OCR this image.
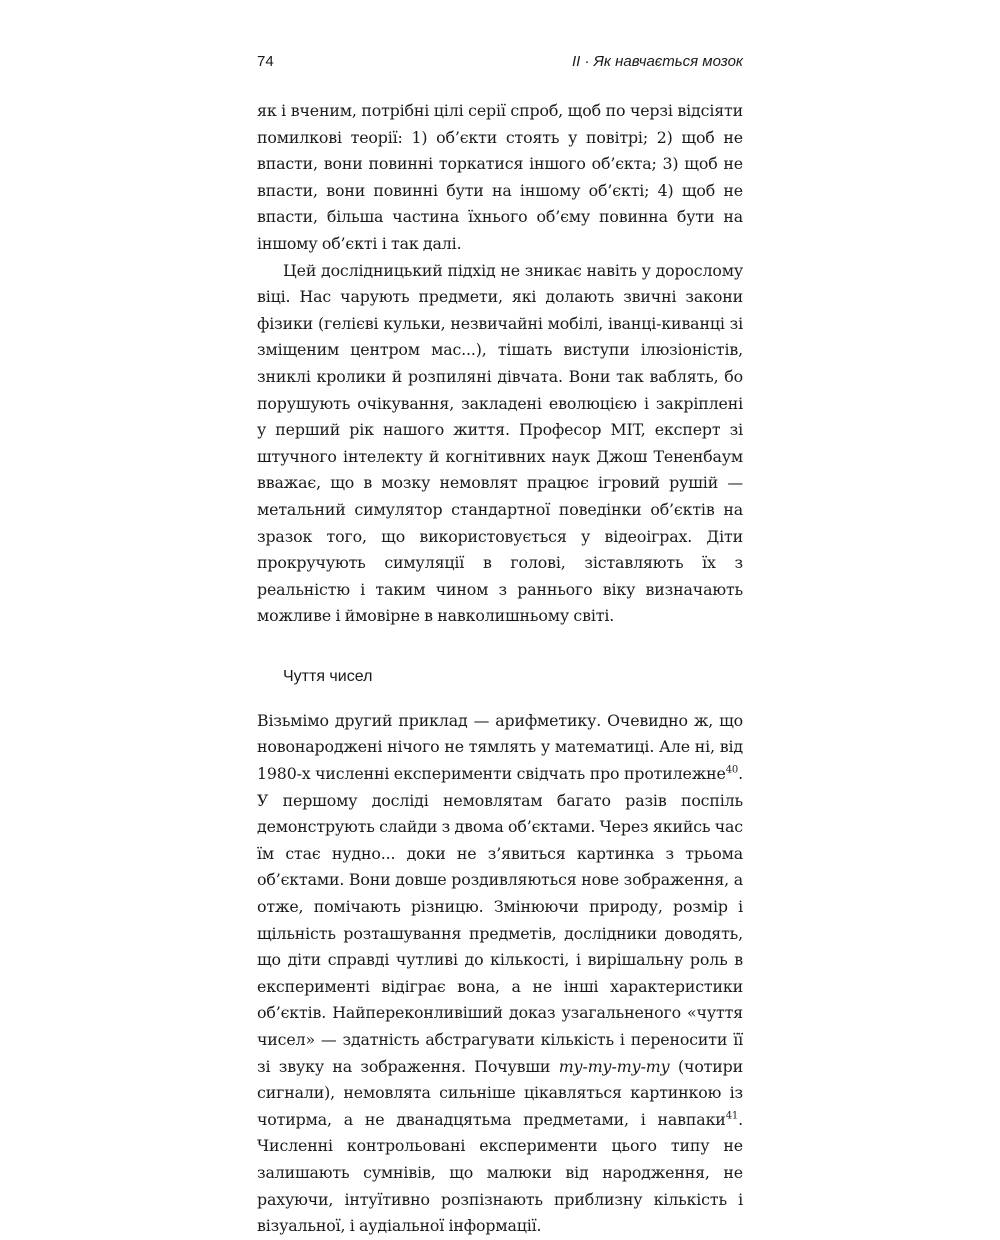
74	II · Як навчається мозок

як і вченим, потрібні цілі серії спроб, щоб по черзі відсіяти помилкові теорії: 1) об’єкти стоять у повітрі; 2) щоб не впасти, вони повинні торкатися іншого об’єкта; 3) щоб не впасти, вони повинні бути на іншому об’єкті; 4) щоб не впасти, більша частина їхнього об’єму повинна бути на іншому об’єкті і так далі.

Цей дослідницький підхід не зникає навіть у дорослому віці. Нас чарують предмети, які долають звичні закони фізики (гелієві кульки, незвичайні мобілі, іванці-киванці зі зміщеним центром мас...), тішать виступи ілюзіоністів, зниклі кролики й розпиляні дівчата. Вони так ваблять, бо порушують очікування, закладені еволюцією і закріплені у перший рік нашого життя. Професор MIT, експерт зі штучного інтелекту й когнітивних наук Джош Тененбаум вважає, що в мозку немовлят працює ігровий рушій — метальний симулятор стандартної поведінки об’єктів на зразок того, що використовується у відеоіграх. Діти прокручують симуляції в голові, зіставляють їх з реальністю і таким чином з раннього віку визначають можливе і ймовірне в навколишньому світі.

Чуття чисел

Візьмімо другий приклад — арифметику. Очевидно ж, що новонароджені нічого не тямлять у математиці. Але ні, від 1980-х численні експерименти свідчать про протилежне$^{40}$. У першому досліді немовлятам багато разів поспіль демонструють слайди з двома об’єктами. Через якийсь час їм стає нудно... доки не з’явиться картинка з трьома об’єктами. Вони довше роздивляються нове зображення, а отже, помічають різницю. Змінюючи природу, розмір і щільність розташування предметів, дослідники доводять, що діти справді чутливі до кількості, і вирішальну роль в експерименті відіграє вона, а не інші характеристики об’єктів. Найпереконливіший доказ узагальненого «чуття чисел» — здатність абстрагувати кількість і переносити її зі звуку на зображення. Почувши ту-ту-ту-ту (чотири сигнали), немовлята сильніше цікавляться картинкою із чотирма, а не дванадцятьма предметами, і навпаки$^{41}$. Численні контрольовані експерименти цього типу не залишають сумнівів, що малюки від народження, не рахуючи, інтуїтивно розпізнають приблизну кількість і візуальної, і аудіальної інформації.
